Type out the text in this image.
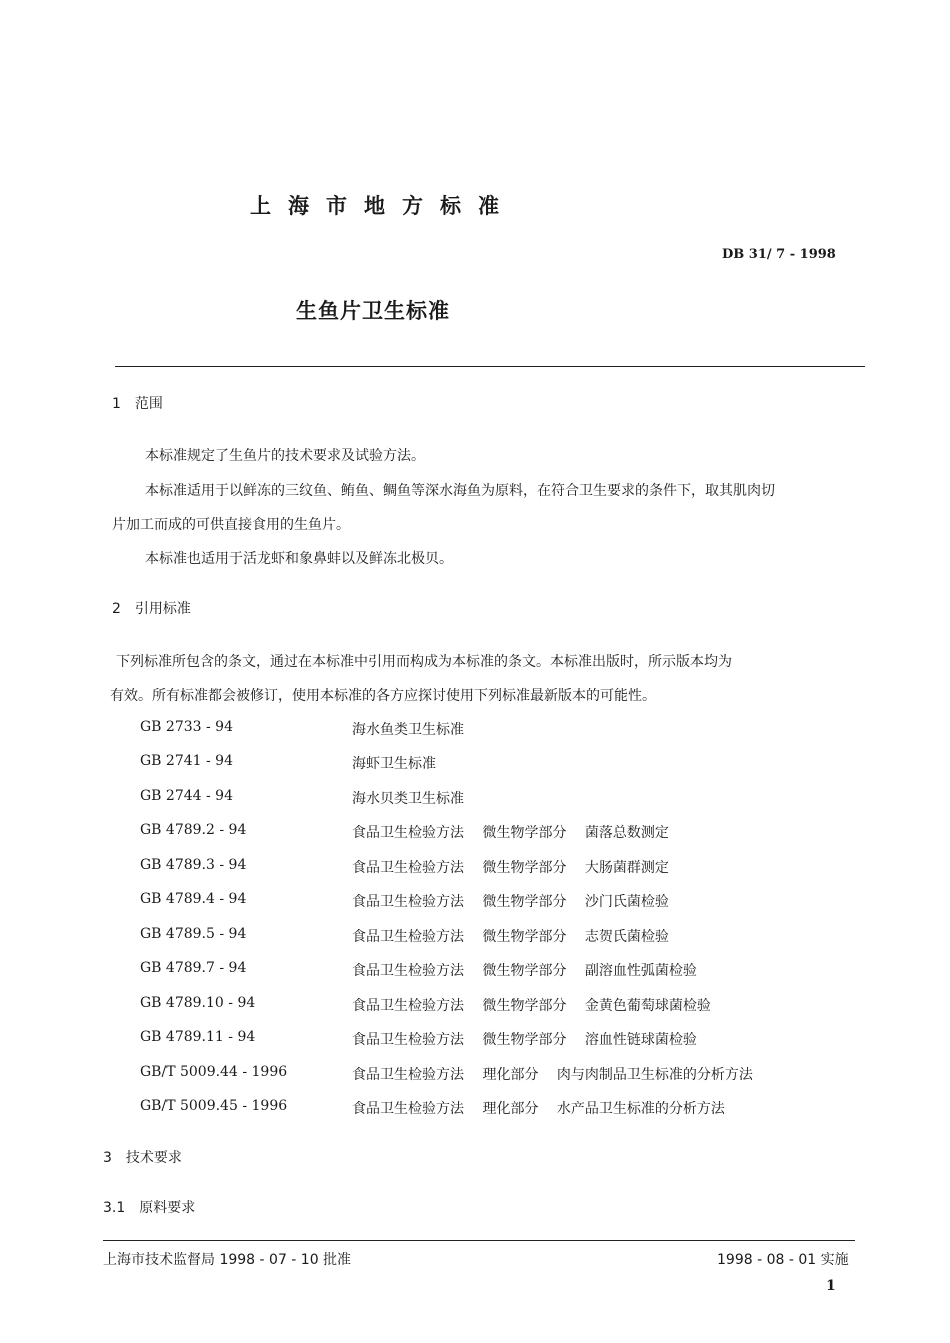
上海市地方标准
DB 31/ 7 - 1998
生鱼片卫生标准
1　范围
本标准规定了生鱼片的技术要求及试验方法。
本标准适用于以鲜冻的三纹鱼、鲔鱼、鲷鱼等深水海鱼为原料，在符合卫生要求的条件下，取其肌肉切
片加工而成的可供直接食用的生鱼片。
本标准也适用于活龙虾和象鼻蚌以及鲜冻北极贝。
2　引用标准
下列标准所包含的条文，通过在本标准中引用而构成为本标准的条文。本标准出版时，所示版本均为
有效。所有标准都会被修订，使用本标准的各方应探讨使用下列标准最新版本的可能性。
GB 2733 - 94	海水鱼类卫生标准
GB 2741 - 94	海虾卫生标准
GB 2744 - 94	海水贝类卫生标准
GB 4789.2 - 94	食品卫生检验方法 微生物学部分 菌落总数测定
GB 4789.3 - 94	食品卫生检验方法 微生物学部分 大肠菌群测定
GB 4789.4 - 94	食品卫生检验方法 微生物学部分 沙门氏菌检验
GB 4789.5 - 94	食品卫生检验方法 微生物学部分 志贺氏菌检验
GB 4789.7 - 94	食品卫生检验方法 微生物学部分 副溶血性弧菌检验
GB 4789.10 - 94	食品卫生检验方法 微生物学部分 金黄色葡萄球菌检验
GB 4789.11 - 94	食品卫生检验方法 微生物学部分 溶血性链球菌检验
GB/T 5009.44 - 1996	食品卫生检验方法 理化部分 肉与肉制品卫生标准的分析方法
GB/T 5009.45 - 1996	食品卫生检验方法 理化部分 水产品卫生标准的分析方法
3　技术要求
3.1　原料要求
上海市技术监督局 1998 - 07 - 10 批准	1998 - 08 - 01 实施
1
